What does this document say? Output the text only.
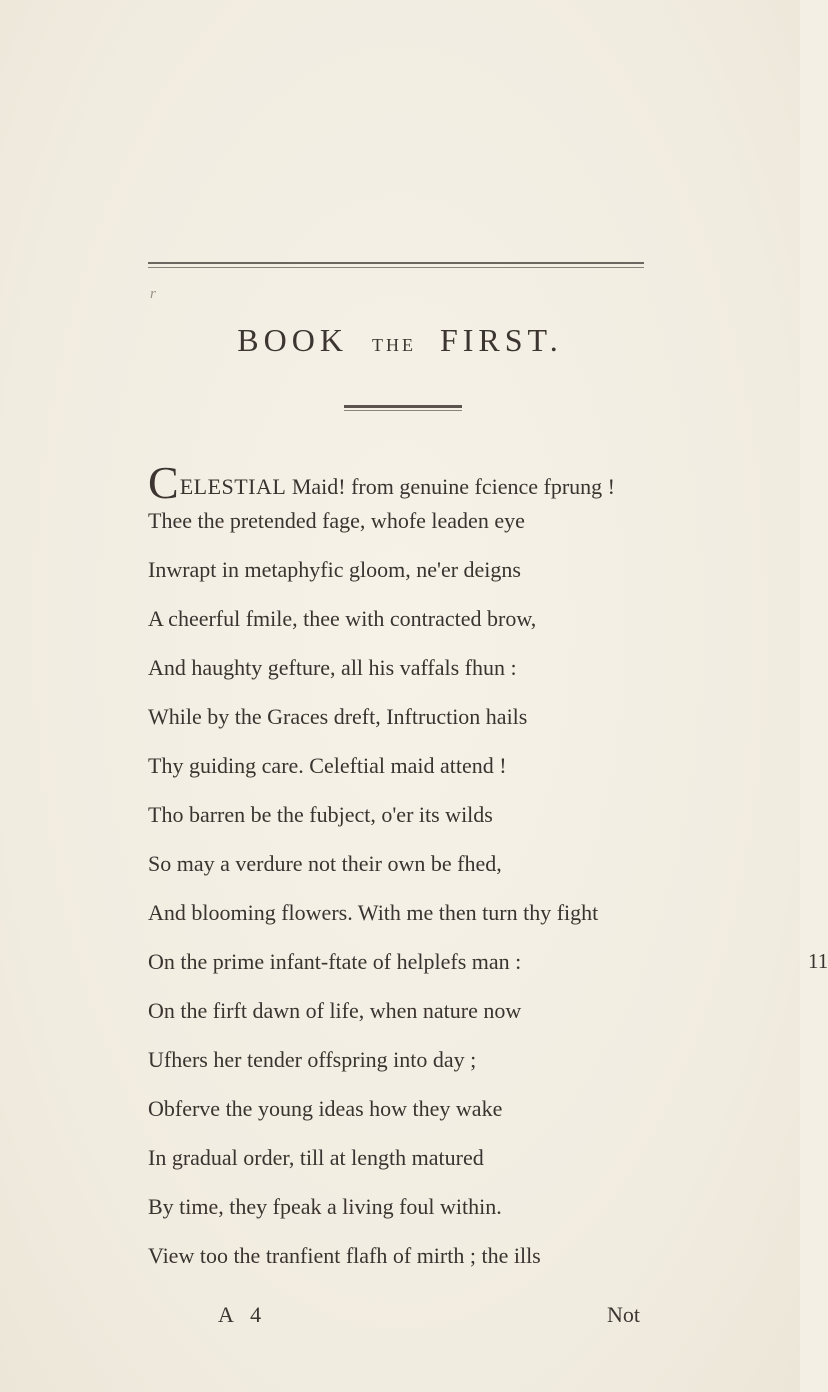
r
BOOK THE FIRST.
CELESTIAL Maid! from genuine fcience fprung !
Thee the pretended fage, whofe leaden eye
Inwrapt in metaphyfic gloom, ne'er deigns
A cheerful fmile, thee with contracted brow,
And haughty gefture, all his vaffals fhun :
While by the Graces dreft, Inftruction hails
Thy guiding care. Celeftial maid attend !
Tho barren be the fubject, o'er its wilds
So may a verdure not their own be fhed,
And blooming flowers. With me then turn thy fight
On the prime infant-ftate of helplefs man :	11
On the firft dawn of life, when nature now
Ufhers her tender offspring into day ;
Obferve the young ideas how they wake
In gradual order, till at length matured
By time, they fpeak a living foul within.
View too the tranfient flafh of mirth ; the ills
A 4	Not
